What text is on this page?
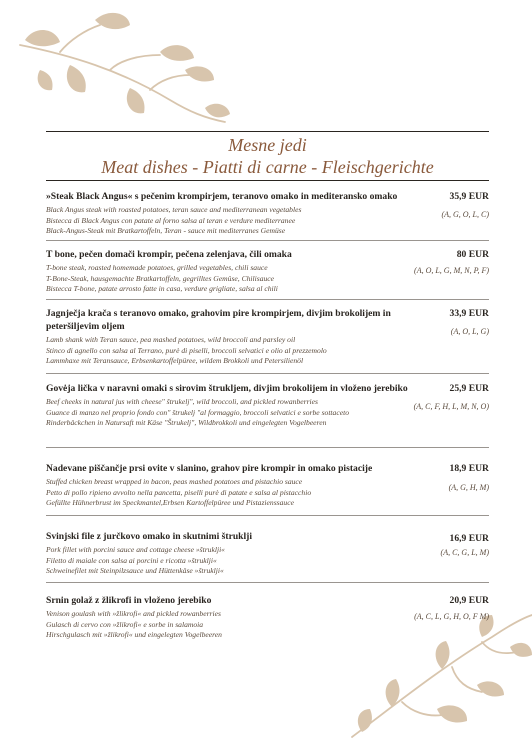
Mesne jedi
Meat dishes - Piatti di carne - Fleischgerichte
»Steak Black Angus« s pečenim krompirjem, teranovo omako in mediteransko omako
Black Angus steak with roasted potatoes, teran sauce and mediterranean vegetables
Bistecca di Black Angus con patate al forno salsa al teran e verdure mediterranee
Black-Angus-Steak mit Bratkartoffeln, Teran - sauce mit mediterranes Gemüse
35,9 EUR
(A, G, O, L, C)
T bone, pečen domači krompir, pečena zelenjava, čili omaka
T-bone steak, roasted homemade potatoes, grilled vegetables, chili sauce
T-Bone-Steak, hausgemachte Bratkartoffeln, gegrilltes Gemüse, Chilisauce
Bistecca T-bone, patate arrosto fatte in casa, verdure grigliate, salsa al chili
80 EUR
(A, O, L, G, M, N, P, F)
Jagnječja krača s teranovo omako, grahovim pire krompirjem, divjim brokolijem in peteršiljevim oljem
Lamb shank with Teran sauce, pea mashed potatoes, wild broccoli and parsley oil
Stinco di agnello con salsa al Terrano, purè di piselli, broccoli selvatici e olio al prezzemolo
Lammhaxe mit Teransauce, Erbsenkartoffelpüree, wildem Brokkoli und Petersilienöl
33,9 EUR
(A, O, L, G)
Govėja lička v naravni omaki s sirovim štrukljem, divjim brokolijem in vloženo jerebiko
Beef cheeks in natural jus with cheese" štrukelj", wild broccoli, and pickled rowanberries
Guance di manzo nel proprio fondo con" štrukelj "al formaggio, broccoli selvatici e sorbe sottaceto
Rinderbäckchen in Natursaft mit Käse "Štrukelj", Wildbrokkoli und eingelegten Vogelbeeren
25,9 EUR
(A, C, F, H, L, M, N, O)
Nadevane piščančje prsi ovite v slanino, grahov pire krompir in omako pistacije
Stuffed chicken breast wrapped in bacon, peas mashed potatoes and pistachio sauce
Petto di pollo ripieno avvolto nella pancetta, piselli purè di patate e salsa al pistacchio
Gefüllte Hühnerbrust im Speckmantel,Erbsen Kartoffelpüree und Pistazienssauce
18,9 EUR
(A, G, H, M)
Svinjski file z jurčkovo omako in skutnimi štruklji
Pork fillet with porcini sauce and cottage cheese »štruklji«
Filetto di maiale con salsa ai porcini e ricotta »štruklji«
Schweinefilet mit Steinpilzsauce und Hüttenkäse »štruklji«
16,9 EUR
(A, C, G, L, M)
Srnin golaž z žlikrofi in vloženo jerebiko
Venison goulash with »žlikrofi« and pickled rowanberries
Gulasch di cervo con »žlikrofi« e sorbe in salamoia
Hirschgulasch mit »žlikrofi« und eingelegten Vogelbeeren
20,9 EUR
(A, C, L, G, H, O, F M)
